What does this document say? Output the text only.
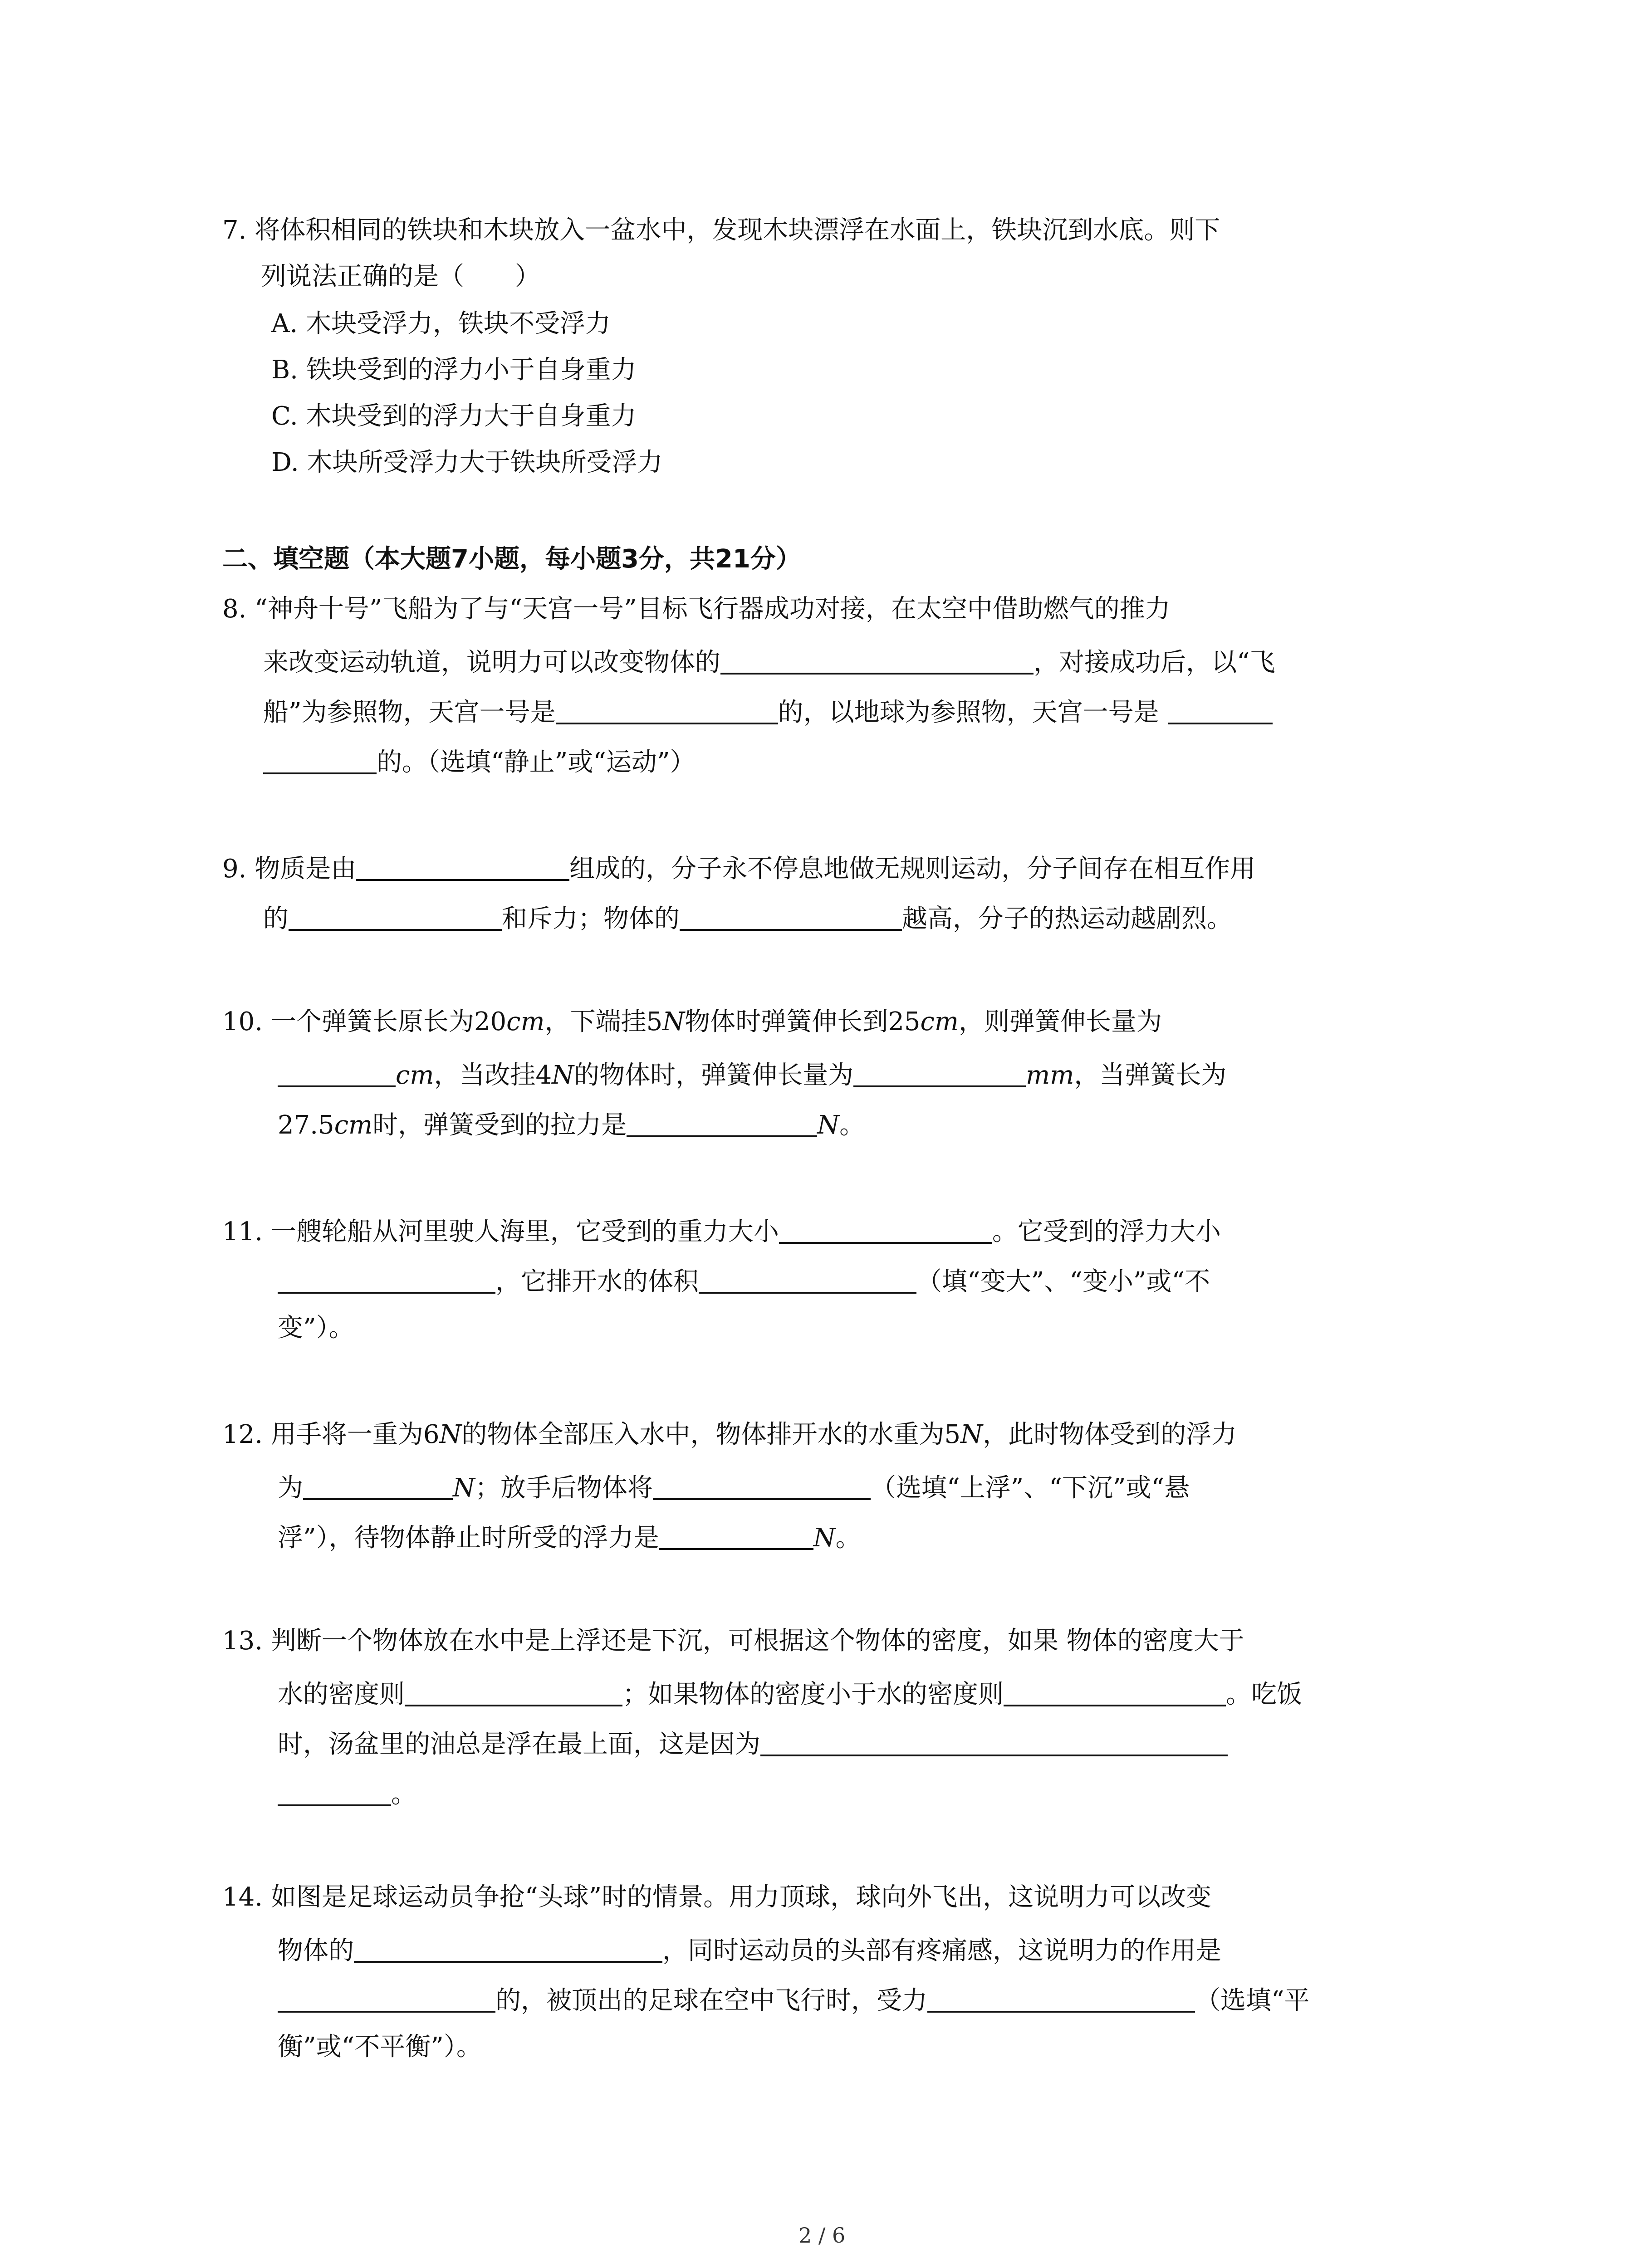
7. 将体积相同的铁块和木块放入一盆水中，发现木块漂浮在水面上，铁块沉到水底。则下
列说法正确的是（　　）
A. 木块受浮力，铁块不受浮力
B. 铁块受到的浮力小于自身重力
C. 木块受到的浮力大于自身重力
D. 木块所受浮力大于铁块所受浮力
二、填空题（本大题7小题，每小题3分，共21分）
8. “神舟十号”飞船为了与“天宫一号”目标飞行器成功对接，在太空中借助燃气的推力
来改变运动轨道，说明力可以改变物体的	，对接成功后，以“飞
船”为参照物，天宫一号是	的，以地球为参照物，天宫一号是
的。（选填“静止”或“运动”）
9. 物质是由	组成的，分子永不停息地做无规则运动，分子间存在相互作用
的	和斥力；物体的	越高，分子的热运动越剧烈。
10. 一个弹簧长原长为20cm，下端挂5N物体时弹簧伸长到25cm，则弹簧伸长量为
cm，当改挂4N的物体时，弹簧伸长量为	mm，当弹簧长为
27.5cm时，弹簧受到的拉力是	N。
11. 一艘轮船从河里驶人海里，它受到的重力大小	。它受到的浮力大小
，它排开水的体积	（填“变大”、“变小”或“不
变”）。
12. 用手将一重为6N的物体全部压入水中，物体排开水的水重为5N，此时物体受到的浮力
为	N；放手后物体将	（选填“上浮”、“下沉”或“悬
浮”），待物体静止时所受的浮力是	N。
13. 判断一个物体放在水中是上浮还是下沉，可根据这个物体的密度，如果 物体的密度大于
水的密度则	；如果物体的密度小于水的密度则	。吃饭
时，汤盆里的油总是浮在最上面，这是因为
。
14. 如图是足球运动员争抢“头球”时的情景。用力顶球，球向外飞出，这说明力可以改变
物体的	，同时运动员的头部有疼痛感，这说明力的作用是
的，被顶出的足球在空中飞行时，受力	（选填“平
衡”或“不平衡”）。
2 / 6
